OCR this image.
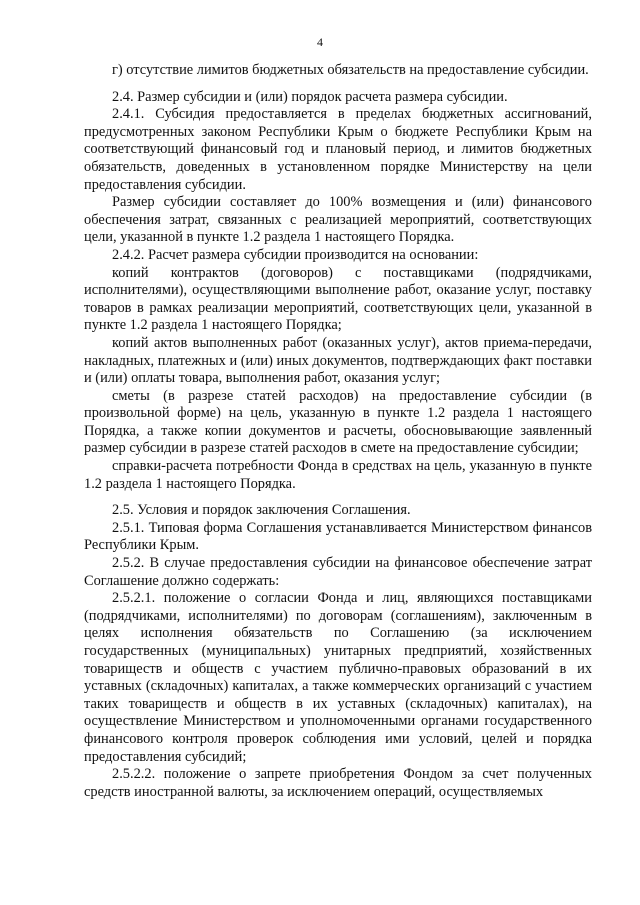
4

г) отсутствие лимитов бюджетных обязательств на предоставление субсидии.

2.4. Размер субсидии и (или) порядок расчета размера субсидии.

2.4.1. Субсидия предоставляется в пределах бюджетных ассигнований, предусмотренных законом Республики Крым о бюджете Республики Крым на соответствующий финансовый год и плановый период, и лимитов бюджетных обязательств, доведенных в установленном порядке Министерству на цели предоставления субсидии.

Размер субсидии составляет до 100% возмещения и (или) финансового обеспечения затрат, связанных с реализацией мероприятий, соответствующих цели, указанной в пункте 1.2 раздела 1 настоящего Порядка.

2.4.2. Расчет размера субсидии производится на основании:

копий контрактов (договоров) с поставщиками (подрядчиками, исполнителями), осуществляющими выполнение работ, оказание услуг, поставку товаров в рамках реализации мероприятий, соответствующих цели, указанной в пункте 1.2 раздела 1 настоящего Порядка;

копий актов выполненных работ (оказанных услуг), актов приема-передачи, накладных, платежных и (или) иных документов, подтверждающих факт поставки и (или) оплаты товара, выполнения работ, оказания услуг;

сметы (в разрезе статей расходов) на предоставление субсидии (в произвольной форме) на цель, указанную в пункте 1.2 раздела 1 настоящего Порядка, а также копии документов и расчеты, обосновывающие заявленный размер субсидии в разрезе статей расходов в смете на предоставление субсидии;

справки-расчета потребности Фонда в средствах на цель, указанную в пункте 1.2 раздела 1 настоящего Порядка.

2.5. Условия и порядок заключения Соглашения.

2.5.1. Типовая форма Соглашения устанавливается Министерством финансов Республики Крым.

2.5.2. В случае предоставления субсидии на финансовое обеспечение затрат Соглашение должно содержать:

2.5.2.1. положение о согласии Фонда и лиц, являющихся поставщиками (подрядчиками, исполнителями) по договорам (соглашениям), заключенным в целях исполнения обязательств по Соглашению (за исключением государственных (муниципальных) унитарных предприятий, хозяйственных товариществ и обществ с участием публично-правовых образований в их уставных (складочных) капиталах, а также коммерческих организаций с участием таких товариществ и обществ в их уставных (складочных) капиталах), на осуществление Министерством и уполномоченными органами государственного финансового контроля проверок соблюдения ими условий, целей и порядка предоставления субсидий;

2.5.2.2. положение о запрете приобретения Фондом за счет полученных средств иностранной валюты, за исключением операций, осуществляемых
